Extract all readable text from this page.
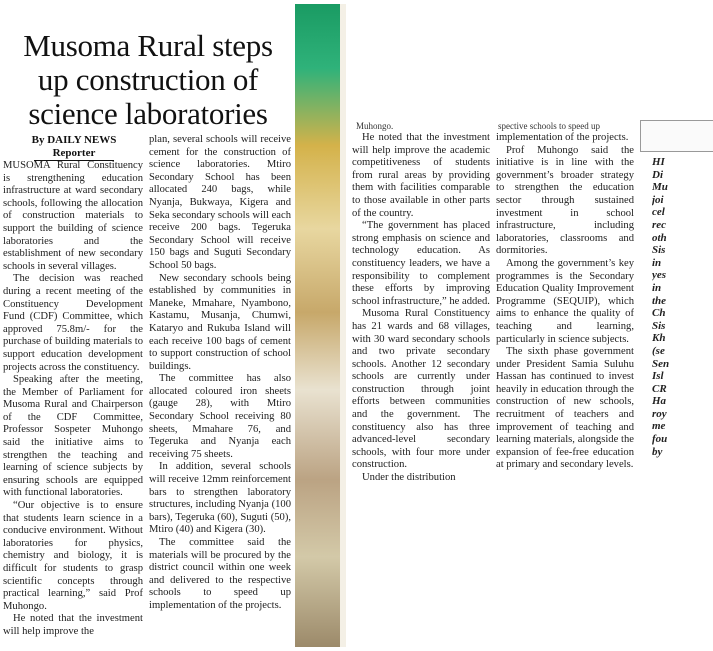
Musoma Rural steps
up construction of
science laboratories
By DAILY NEWS
Reporter

MUSOMA Rural Constituency is strengthening education infrastructure at ward secondary schools, following the allocation of construction materials to support the building of science laboratories and the establishment of new secondary schools in several villages.

The decision was reached during a recent meeting of the Constituency Development Fund (CDF) Committee, which approved 75.8m/- for the purchase of building materials to support education development projects across the constituency.

Speaking after the meeting, the Member of Parliament for Musoma Rural and Chairperson of the CDF Committee, Professor Sospeter Muhongo said the initiative aims to strengthen the teaching and learning of science subjects by ensuring schools are equipped with functional laboratories.

“Our objective is to ensure that students learn science in a conducive environment. Without laboratories for physics, chemistry and biology, it is difficult for students to grasp scientific concepts through practical learning,” said Prof Muhongo.

He noted that the investment will help improve the

plan, several schools will receive cement for the construction of science laboratories. Mtiro Secondary School has been allocated 240 bags, while Nyanja, Bukwaya, Kigera and Seka secondary schools will each receive 200 bags. Tegeruka Secondary School will receive 150 bags and Suguti Secondary School 50 bags.

New secondary schools being established by communities in Maneke, Mmahare, Nyambono, Kastamu, Musanja, Chumwi, Kataryo and Rukuba Island will each receive 100 bags of cement to support construction of school buildings.

The committee has also allocated coloured iron sheets (gauge 28), with Mtiro Secondary School receiving 80 sheets, Mmahare 76, and Tegeruka and Nyanja each receiving 75 sheets.

In addition, several schools will receive 12mm reinforcement bars to strengthen laboratory structures, including Nyanja (100 bars), Tegeruka (60), Suguti (50), Mtiro (40) and Kigera (30).

The committee said the materials will be procured by the district council within one week and delivered to the respective schools to speed up implementation of the projects.

Muhongo.	spective schools to speed up

He noted that the investment will help improve the academic competitiveness of students from rural areas by providing them with facilities comparable to those available in other parts of the country.

“The government has placed strong emphasis on science and technology education. As constituency leaders, we have a responsibility to complement these efforts by improving school infrastructure,” he added.

Musoma Rural Constituency has 21 wards and 68 villages, with 30 ward secondary schools and two private secondary schools. Another 12 secondary schools are currently under construction through joint efforts between communities and the government. The constituency also has three advanced-level secondary schools, with four more under construction.

Under the distribution

implementation of the projects.

Prof Muhongo said the initiative is in line with the government’s broader strategy to strengthen the education sector through sustained investment in school infrastructure, including laboratories, classrooms and dormitories.

Among the government’s key programmes is the Secondary Education Quality Improvement Programme (SEQUIP), which aims to enhance the quality of teaching and learning, particularly in science subjects.

The sixth phase government under President Samia Suluhu Hassan has continued to invest heavily in education through the construction of new schools, recruitment of teachers and improvement of teaching and learning materials, alongside the expansion of fee-free education at primary and secondary levels.

HI
Di
Mu
joi
cel
rec
oth
Sis
in
yes
in
the
Ch
Sis
Kh
(se
Sen
Isl
CR
Ha
roy
me
fou
by
